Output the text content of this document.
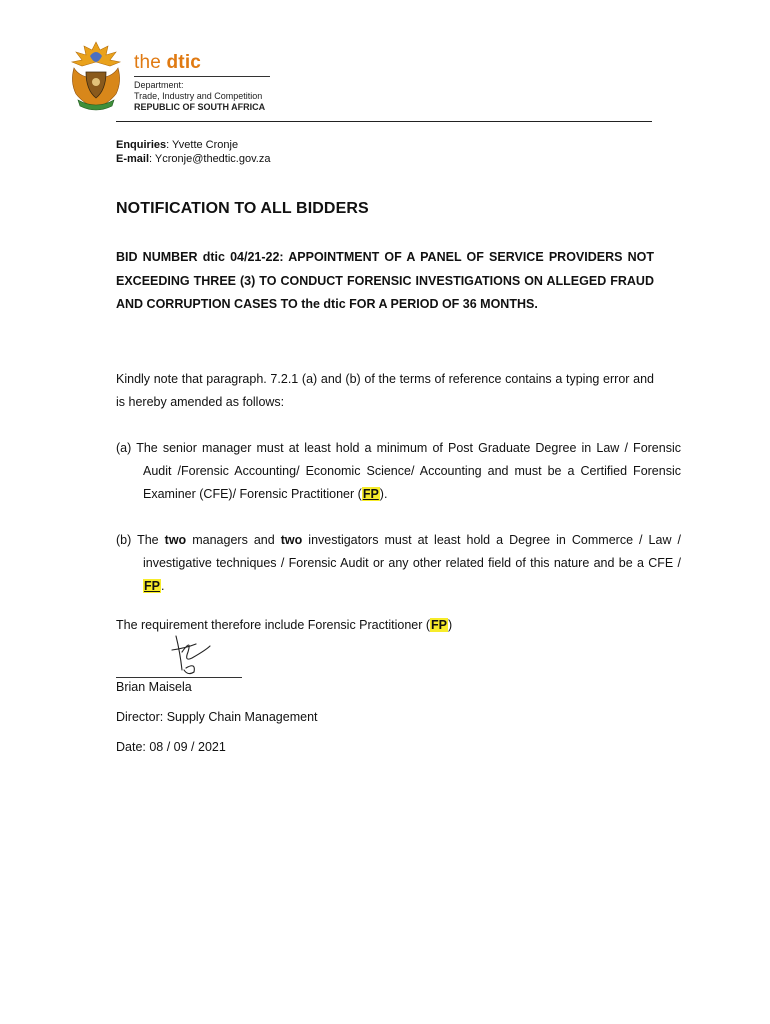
the dtic
Department:
Trade, Industry and Competition
REPUBLIC OF SOUTH AFRICA
Enquiries: Yvette Cronje
E-mail: Ycronje@thedtic.gov.za
NOTIFICATION TO ALL BIDDERS
BID NUMBER dtic 04/21-22: APPOINTMENT OF A PANEL OF SERVICE PROVIDERS NOT EXCEEDING THREE (3) TO CONDUCT FORENSIC INVESTIGATIONS ON ALLEGED FRAUD AND CORRUPTION CASES TO the dtic FOR A PERIOD OF 36 MONTHS.
Kindly note that paragraph. 7.2.1 (a) and (b) of the terms of reference contains a typing error and is hereby amended as follows:
(a) The senior manager must at least hold a minimum of Post Graduate Degree in Law / Forensic Audit /Forensic Accounting/ Economic Science/ Accounting and must be a Certified Forensic Examiner (CFE)/ Forensic Practitioner (FP).
(b) The two managers and two investigators must at least hold a Degree in Commerce / Law / investigative techniques / Forensic Audit or any other related field of this nature and be a CFE / FP.
The requirement therefore include Forensic Practitioner (FP)
Brian Maisela
Director: Supply Chain Management
Date: 08 / 09 / 2021
